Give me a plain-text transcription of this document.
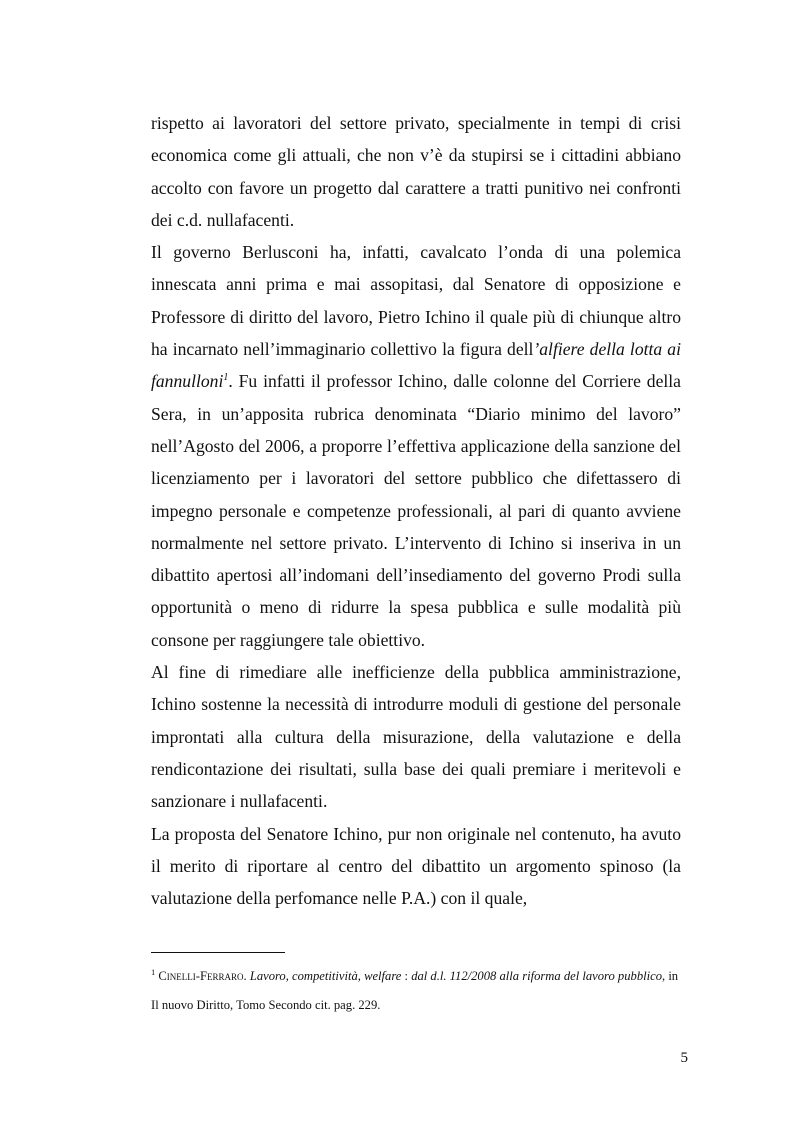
rispetto ai lavoratori del settore privato, specialmente in tempi di crisi economica come gli attuali, che non v’è da stupirsi se i cittadini abbiano accolto con favore un progetto dal carattere a tratti punitivo nei confronti dei c.d. nullafacenti.

Il governo Berlusconi ha, infatti, cavalcato l’onda di una polemica innescata anni prima e mai assopitasi, dal Senatore di opposizione e Professore di diritto del lavoro, Pietro Ichino il quale più di chiunque altro ha incarnato nell’immaginario collettivo la figura dell’alfiere della lotta ai fannulloni$^1$. Fu infatti il professor Ichino, dalle colonne del Corriere della Sera, in un’apposita rubrica denominata “Diario minimo del lavoro” nell’Agosto del 2006, a proporre l’effettiva applicazione della sanzione del licenziamento per i lavoratori del settore pubblico che difettassero di impegno personale e competenze professionali, al pari di quanto avviene normalmente nel settore privato. L’intervento di Ichino si inseriva in un dibattito apertosi all’indomani dell’insediamento del governo Prodi sulla opportunità o meno di ridurre la spesa pubblica e sulle modalità più consone per raggiungere tale obiettivo.

Al fine di rimediare alle inefficienze della pubblica amministrazione, Ichino sostenne la necessità di introdurre moduli di gestione del personale improntati alla cultura della misurazione, della valutazione e della rendicontazione dei risultati, sulla base dei quali premiare i meritevoli e sanzionare i nullafacenti.

La proposta del Senatore Ichino, pur non originale nel contenuto, ha avuto il merito di riportare al centro del dibattito un argomento spinoso (la valutazione della perfomance nelle P.A.) con il quale,

$^1$ Cinelli-Ferraro. Lavoro, competitività, welfare : dal d.l. 112/2008 alla riforma del lavoro pubblico, in Il nuovo Diritto, Tomo Secondo cit. pag. 229.
5
